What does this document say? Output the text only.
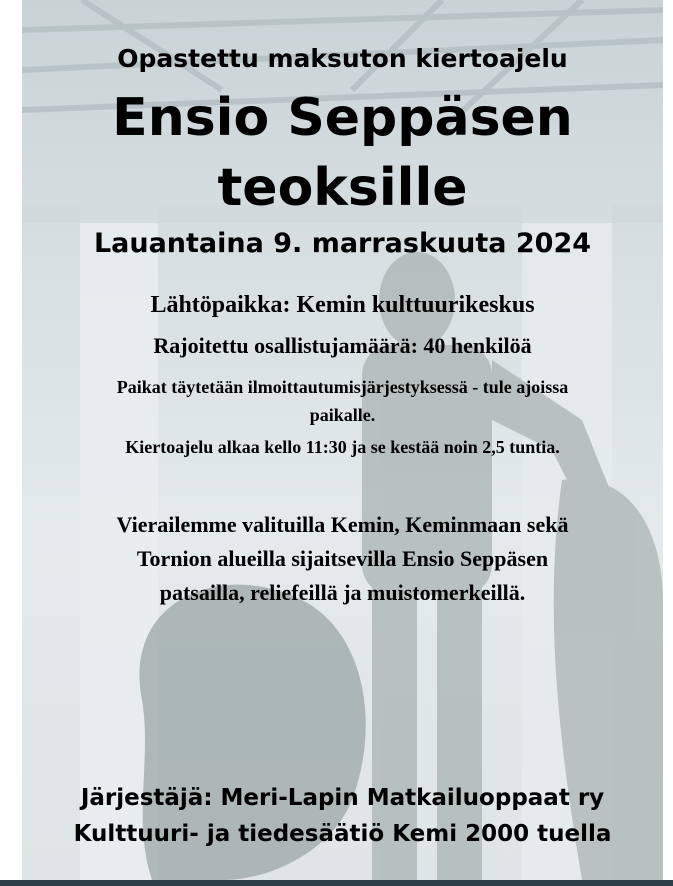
Opastettu maksuton kiertoajelu
Ensio Seppäsen
teoksille
Lauantaina 9. marraskuuta 2024
Lähtöpaikka: Kemin kulttuurikeskus
Rajoitettu osallistujamäärä: 40 henkilöä
Paikat täytetään ilmoittautumisjärjestyksessä - tule ajoissa
paikalle.
Kiertoajelu alkaa kello 11:30 ja se kestää noin 2,5 tuntia.
Vierailemme valituilla Kemin, Keminmaan sekä
Tornion alueilla sijaitsevilla Ensio Seppäsen
patsailla, reliefeillä ja muistomerkeillä.
Järjestäjä: Meri-Lapin Matkailuoppaat ry
Kulttuuri- ja tiedesäätiö Kemi 2000 tuella
